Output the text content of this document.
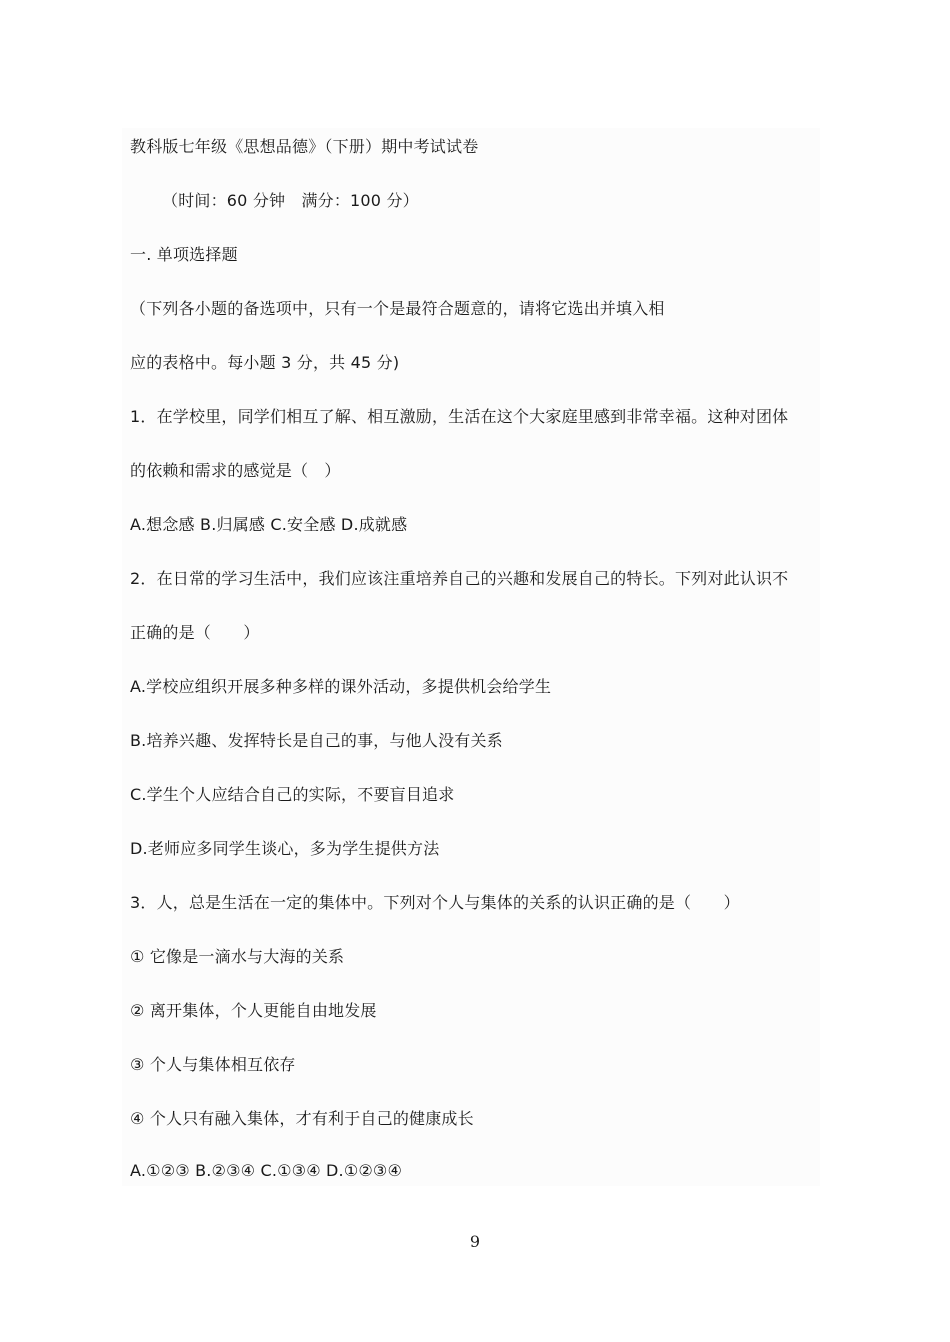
教科版七年级《思想品德》（下册）期中考试试卷
（时间：60 分钟　满分：100 分）
一. 单项选择题
（下列各小题的备选项中，只有一个是最符合题意的，请将它选出并填入相
应的表格中。每小题 3 分，共 45 分)
1．在学校里，同学们相互了解、相互激励，生活在这个大家庭里感到非常幸福。这种对团体
的依赖和需求的感觉是（　）
A.想念感 B.归属感 C.安全感 D.成就感
2．在日常的学习生活中，我们应该注重培养自己的兴趣和发展自己的特长。下列对此认识不
正确的是（　　）
A.学校应组织开展多种多样的课外活动，多提供机会给学生
B.培养兴趣、发挥特长是自己的事，与他人没有关系
C.学生个人应结合自己的实际，不要盲目追求
D.老师应多同学生谈心，多为学生提供方法
3．人，总是生活在一定的集体中。下列对个人与集体的关系的认识正确的是（　　）
① 它像是一滴水与大海的关系
② 离开集体，个人更能自由地发展
③ 个人与集体相互依存
④ 个人只有融入集体，才有利于自己的健康成长
A.①②③ B.②③④ C.①③④ D.①②③④
9
